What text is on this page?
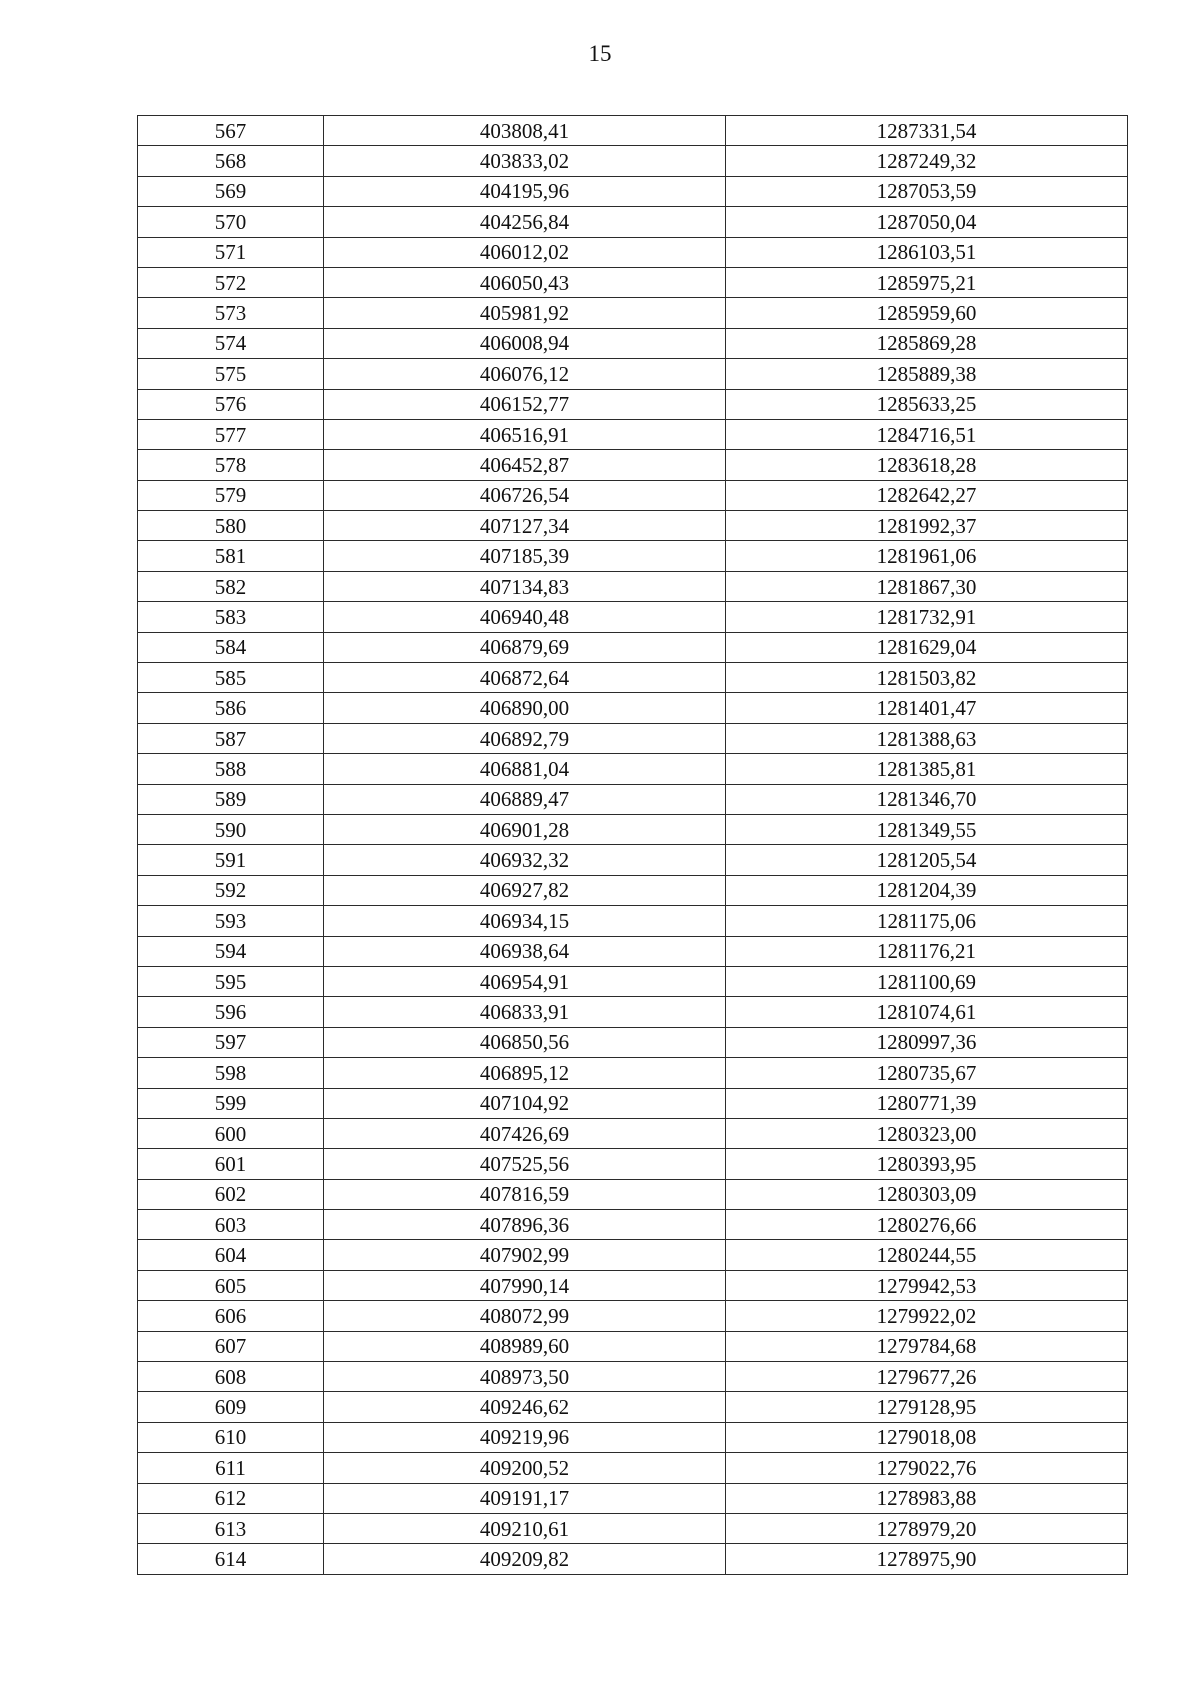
15
567	403808,41	1287331,54
568	403833,02	1287249,32
569	404195,96	1287053,59
570	404256,84	1287050,04
571	406012,02	1286103,51
572	406050,43	1285975,21
573	405981,92	1285959,60
574	406008,94	1285869,28
575	406076,12	1285889,38
576	406152,77	1285633,25
577	406516,91	1284716,51
578	406452,87	1283618,28
579	406726,54	1282642,27
580	407127,34	1281992,37
581	407185,39	1281961,06
582	407134,83	1281867,30
583	406940,48	1281732,91
584	406879,69	1281629,04
585	406872,64	1281503,82
586	406890,00	1281401,47
587	406892,79	1281388,63
588	406881,04	1281385,81
589	406889,47	1281346,70
590	406901,28	1281349,55
591	406932,32	1281205,54
592	406927,82	1281204,39
593	406934,15	1281175,06
594	406938,64	1281176,21
595	406954,91	1281100,69
596	406833,91	1281074,61
597	406850,56	1280997,36
598	406895,12	1280735,67
599	407104,92	1280771,39
600	407426,69	1280323,00
601	407525,56	1280393,95
602	407816,59	1280303,09
603	407896,36	1280276,66
604	407902,99	1280244,55
605	407990,14	1279942,53
606	408072,99	1279922,02
607	408989,60	1279784,68
608	408973,50	1279677,26
609	409246,62	1279128,95
610	409219,96	1279018,08
611	409200,52	1279022,76
612	409191,17	1278983,88
613	409210,61	1278979,20
614	409209,82	1278975,90
